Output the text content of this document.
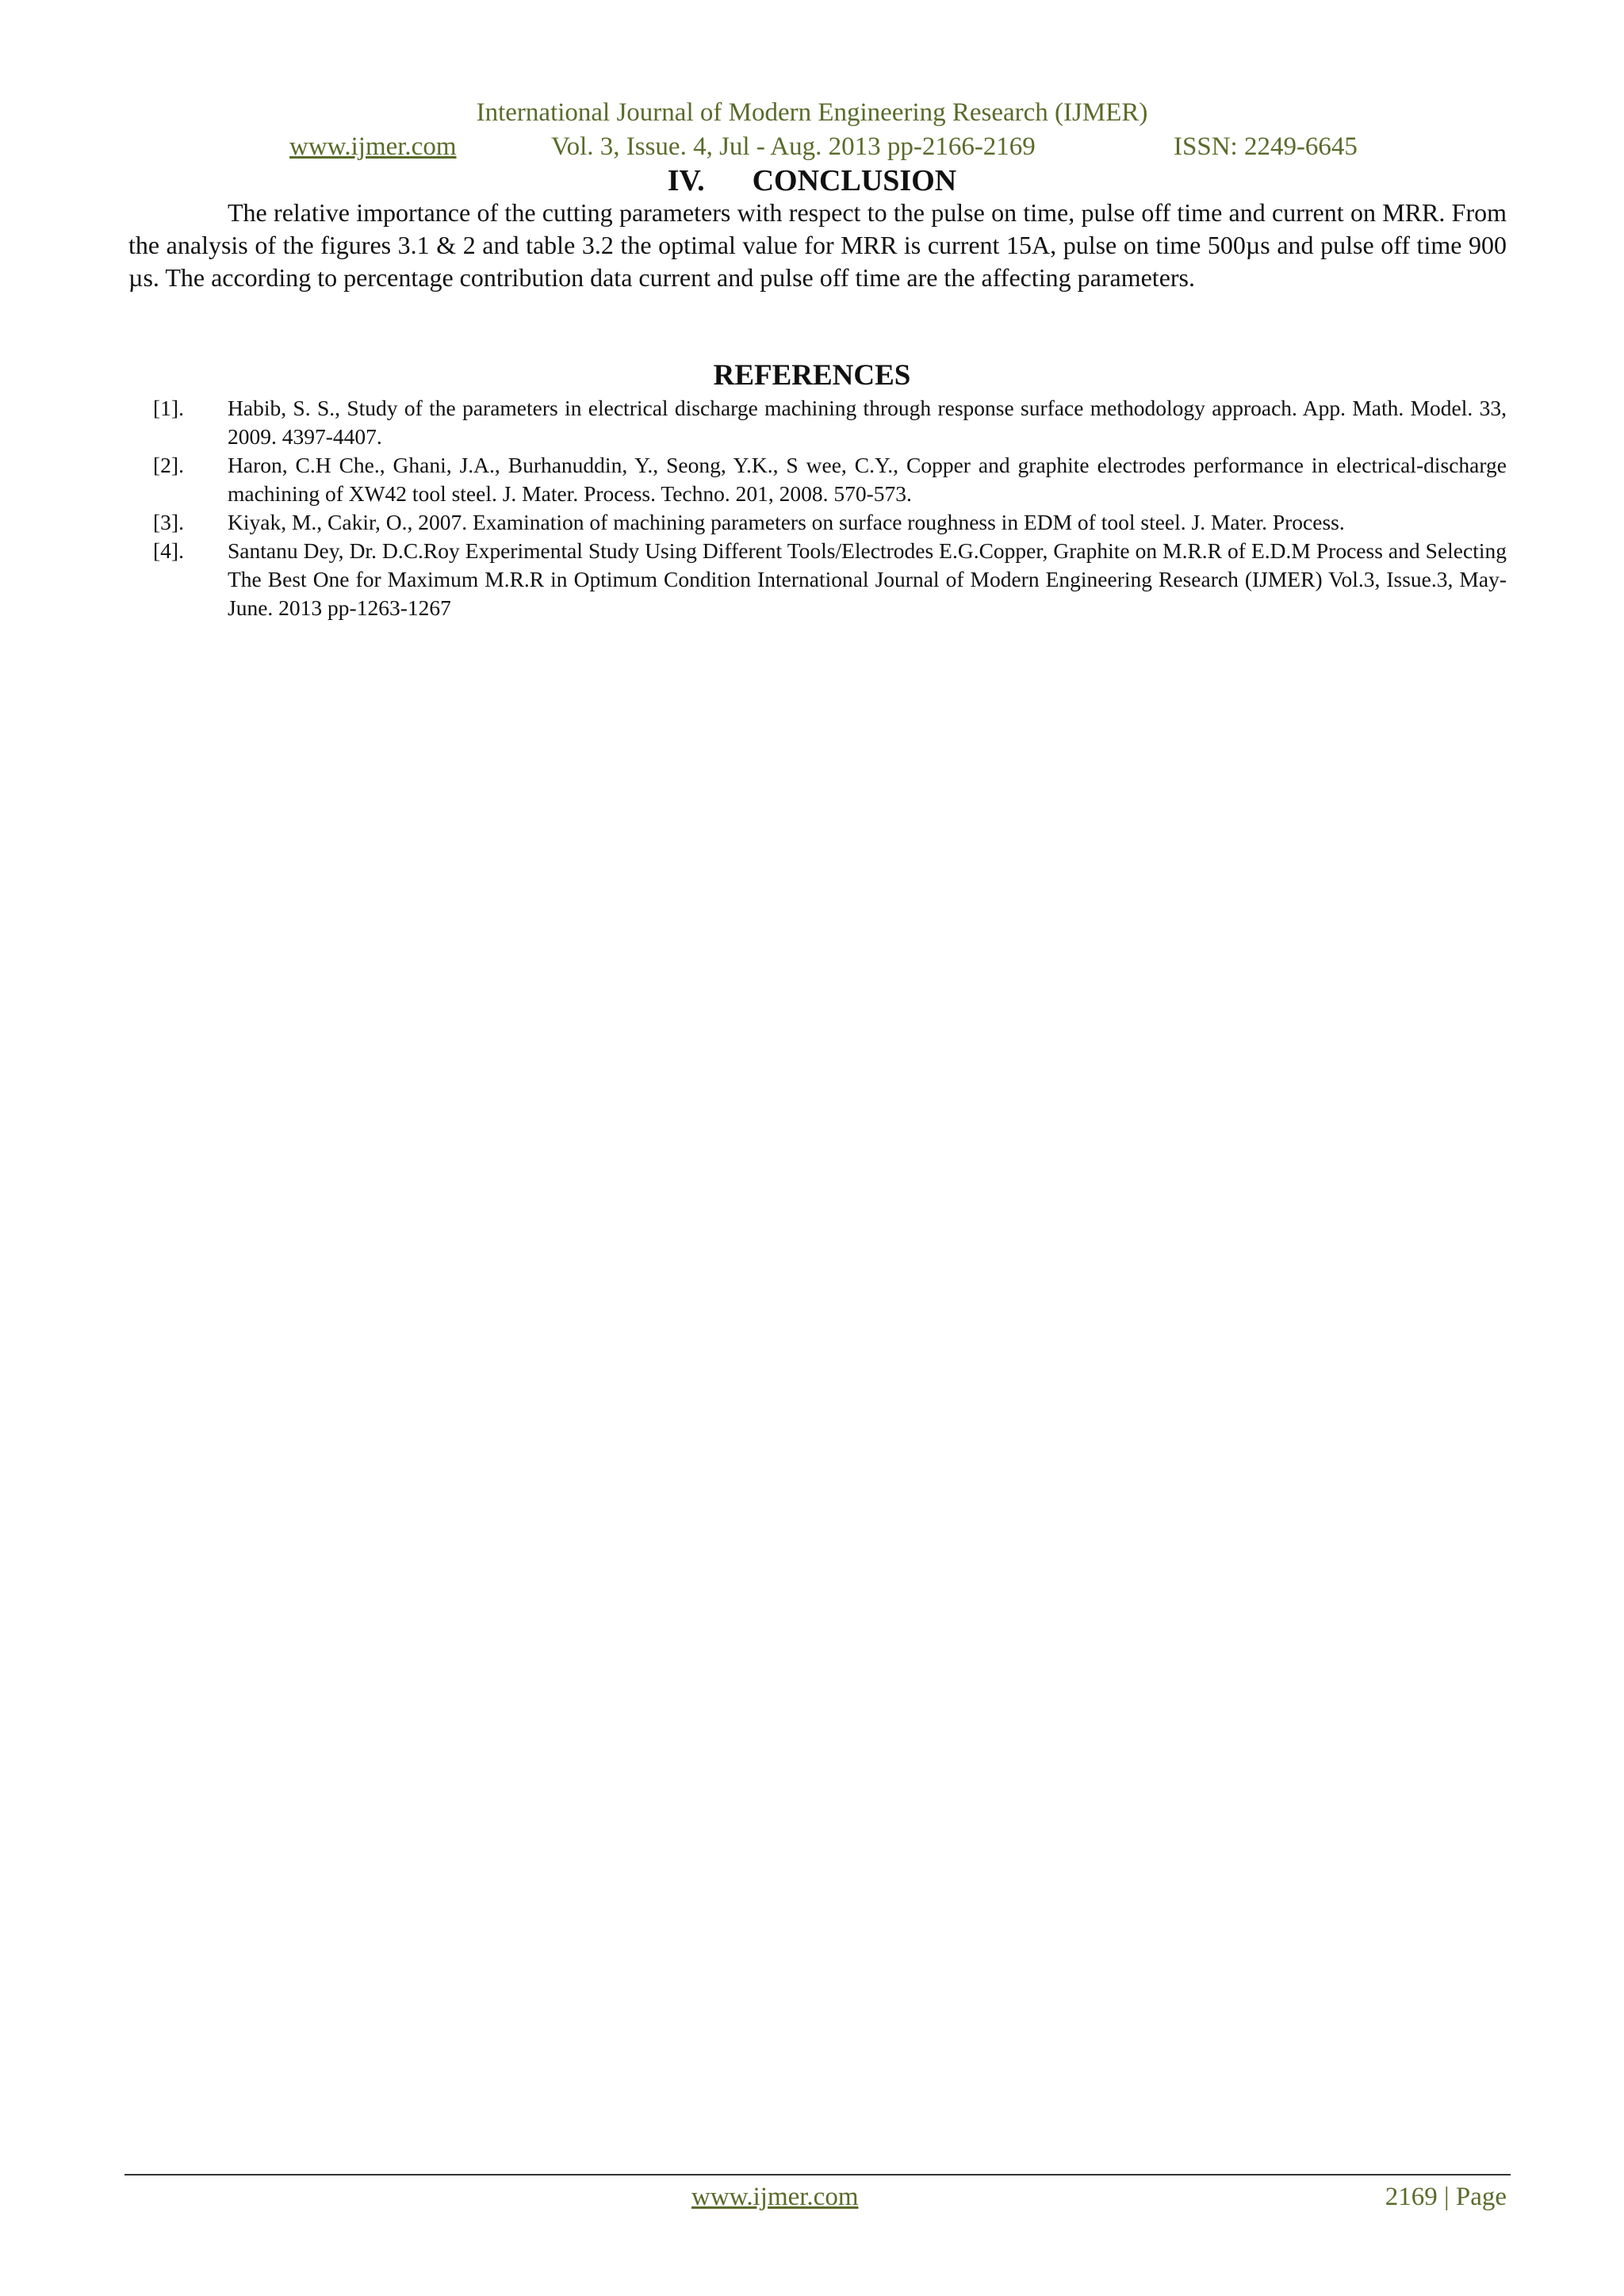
International Journal of Modern Engineering Research (IJMER)
www.ijmer.com	Vol. 3, Issue. 4, Jul - Aug. 2013 pp-2166-2169	ISSN: 2249-6645
IV. CONCLUSION
The relative importance of the cutting parameters with respect to the pulse on time, pulse off time and current on MRR. From the analysis of the figures 3.1 & 2 and table 3.2 the optimal value for MRR is current 15A, pulse on time 500µs and pulse off time 900 µs. The according to percentage contribution data current and pulse off time are the affecting parameters.
REFERENCES
[1]. Habib, S. S., Study of the parameters in electrical discharge machining through response surface methodology approach. App. Math. Model. 33, 2009. 4397-4407.
[2]. Haron, C.H Che., Ghani, J.A., Burhanuddin, Y., Seong, Y.K., S wee, C.Y., Copper and graphite electrodes performance in electrical-discharge machining of XW42 tool steel. J. Mater. Process. Techno. 201, 2008. 570-573.
[3]. Kiyak, M., Cakir, O., 2007. Examination of machining parameters on surface roughness in EDM of tool steel. J. Mater. Process.
[4]. Santanu Dey, Dr. D.C.Roy Experimental Study Using Different Tools/Electrodes E.G.Copper, Graphite on M.R.R of E.D.M Process and Selecting The Best One for Maximum M.R.R in Optimum Condition International Journal of Modern Engineering Research (IJMER) Vol.3, Issue.3, May-June. 2013 pp-1263-1267
www.ijmer.com	2169 | Page
